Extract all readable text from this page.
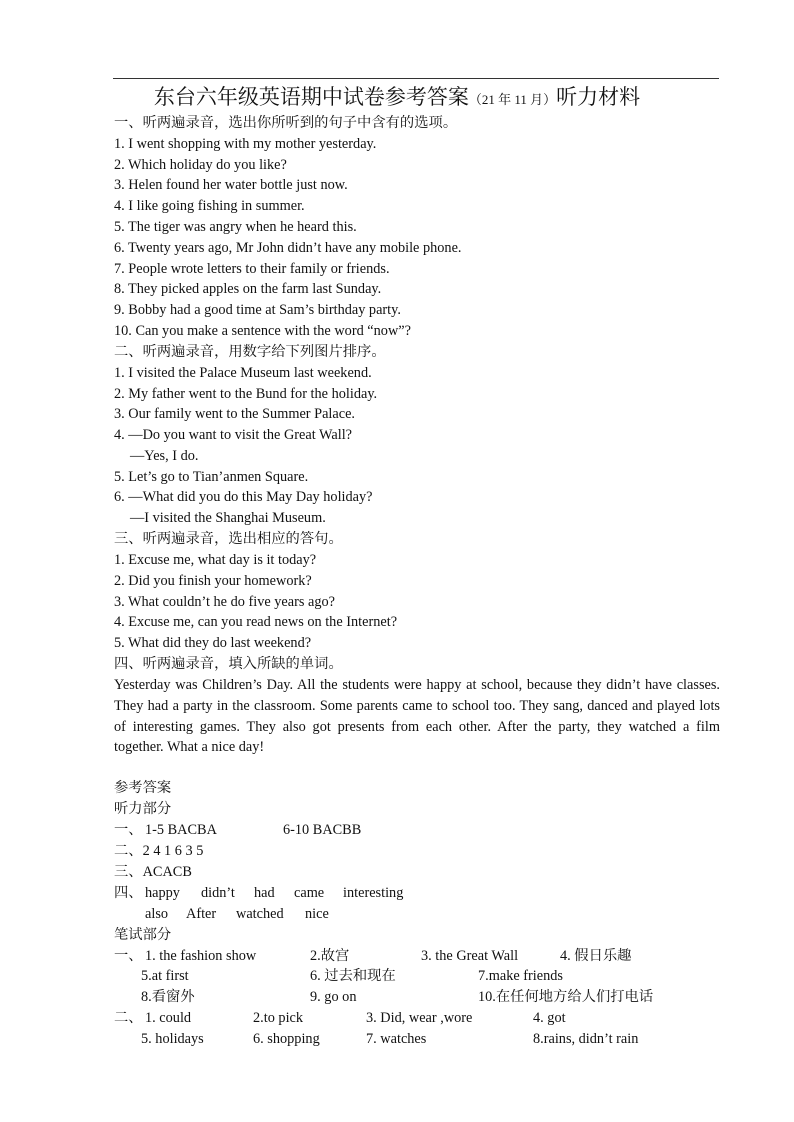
东台六年级英语期中试卷参考答案（21 年 11 月）听力材料
一、听两遍录音，选出你所听到的句子中含有的选项。
1. I went shopping with my mother yesterday.
2. Which holiday do you like?
3. Helen found her water bottle just now.
4. I like going fishing in summer.
5. The tiger was angry when he heard this.
6. Twenty years ago, Mr John didn’t have any mobile phone.
7. People wrote letters to their family or friends.
8. They picked apples on the farm last Sunday.
9. Bobby had a good time at Sam’s birthday party.
10. Can you make a sentence with the word “now”?
二、听两遍录音，用数字给下列图片排序。
1. I visited the Palace Museum last weekend.
2. My father went to the Bund for the holiday.
3. Our family went to the Summer Palace.
4. —Do you want to visit the Great Wall?
—Yes, I do.
5. Let’s go to Tian’anmen Square.
6. —What did you do this May Day holiday?
—I visited the Shanghai Museum.
三、听两遍录音，选出相应的答句。
1. Excuse me, what day is it today?
2. Did you finish your homework?
3. What couldn’t he do five years ago?
4. Excuse me, can you read news on the Internet?
5. What did they do last weekend?
四、听两遍录音，填入所缺的单词。
Yesterday was Children’s Day. All the students were happy at school, because they didn’t have classes. They had a party in the classroom. Some parents came to school too. They sang, danced and played lots of interesting games. They also got presents from each other. After the party, they watched a film together. What a nice day!
参考答案
听力部分
一、 1-5 BACBA	6-10 BACBB
二、2 4 1 6 3 5
三、ACACB
四、 happy didn’t had came interesting
also After watched nice
笔试部分
一、 1. the fashion show	2.故宫	3. the Great Wall	4. 假日乐趣
5.at first	6. 过去和现在	7.make friends
8.看窗外	9. go on	10.在任何地方给人们打电话
二、 1. could	2.to pick	3. Did, wear ,wore	4. got
5. holidays	6. shopping	7. watches	8.rains, didn’t rain
